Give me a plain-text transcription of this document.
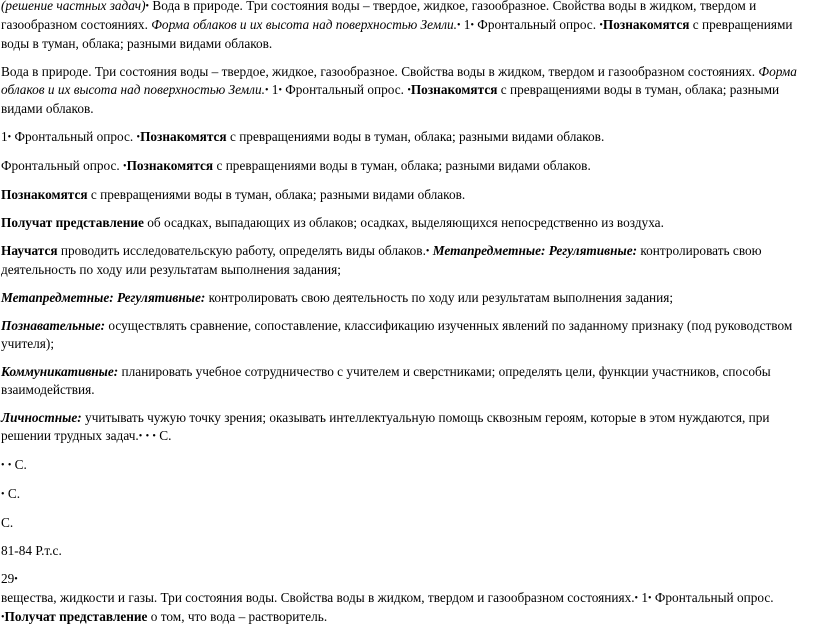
(решение частных задач)• Вода в природе. Три состояния воды – твердое, жидкое, газообразное. Свойства воды в жидком, твердом и газообразном состояниях. Форма облаков и их высота над поверхностью Земли.• 1• Фронтальный опрос. •Познакомятся с превращениями воды в туман, облака; разными видами облаков.

Вода в природе. Три состояния воды – твердое, жидкое, газообразное. Свойства воды в жидком, твердом и газообразном состояниях. Форма облаков и их высота над поверхностью Земли.• 1• Фронтальный опрос. •Познакомятся с превращениями воды в туман, облака; разными видами облаков.

1• Фронтальный опрос. •Познакомятся с превращениями воды в туман, облака; разными видами облаков.

Фронтальный опрос. •Познакомятся с превращениями воды в туман, облака; разными видами облаков.

Познакомятся с превращениями воды в туман, облака; разными видами облаков.

Получат представление об осадках, выпадающих из облаков; осадках, выделяющихся непосредственно из воздуха.

Научатся проводить исследовательскую работу, определять виды облаков.• Метапредметные: Регулятивные: контролировать свою деятельность по ходу или результатам выполнения задания;

Метапредметные: Регулятивные: контролировать свою деятельность по ходу или результатам выполнения задания;

Познавательные: осуществлять сравнение, сопоставление, классификацию изученных явлений по заданному признаку (под руководством учителя);

Коммуникативные: планировать учебное сотрудничество с учителем и сверстниками; определять цели, функции участников, способы взаимодействия.

Личностные: учитывать чужую точку зрения; оказывать интеллектуальную помощь сквозным героям, которые в этом нуждаются, при решении трудных задач.• • • С.

• • С.

• С.

С.

81-84 Р.т.с.

29•

вещества, жидкости и газы. Три состояния воды. Свойства воды в жидком, твердом и газообразном состояниях.• 1• Фронтальный опрос. •Получат представление о том, что вода – растворитель.
